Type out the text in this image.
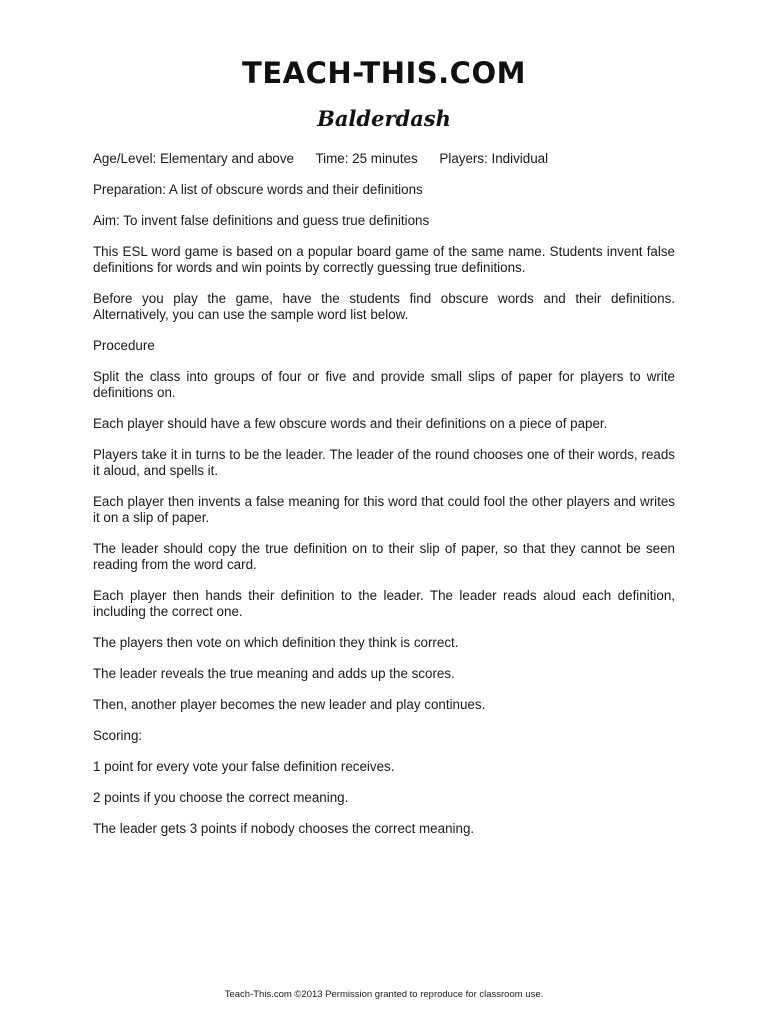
TEACH-THIS.COM
Balderdash
Age/Level: Elementary and above Time: 25 minutes Players: Individual

Preparation: A list of obscure words and their definitions

Aim: To invent false definitions and guess true definitions

This ESL word game is based on a popular board game of the same name. Students invent false definitions for words and win points by correctly guessing true definitions.

Before you play the game, have the students find obscure words and their definitions. Alternatively, you can use the sample word list below.

Procedure

Split the class into groups of four or five and provide small slips of paper for players to write definitions on.

Each player should have a few obscure words and their definitions on a piece of paper.

Players take it in turns to be the leader. The leader of the round chooses one of their words, reads it aloud, and spells it.

Each player then invents a false meaning for this word that could fool the other players and writes it on a slip of paper.

The leader should copy the true definition on to their slip of paper, so that they cannot be seen reading from the word card.

Each player then hands their definition to the leader. The leader reads aloud each definition, including the correct one.

The players then vote on which definition they think is correct.

The leader reveals the true meaning and adds up the scores.

Then, another player becomes the new leader and play continues.

Scoring:

1 point for every vote your false definition receives.

2 points if you choose the correct meaning.

The leader gets 3 points if nobody chooses the correct meaning.

Teach-This.com ©2013 Permission granted to reproduce for classroom use.
